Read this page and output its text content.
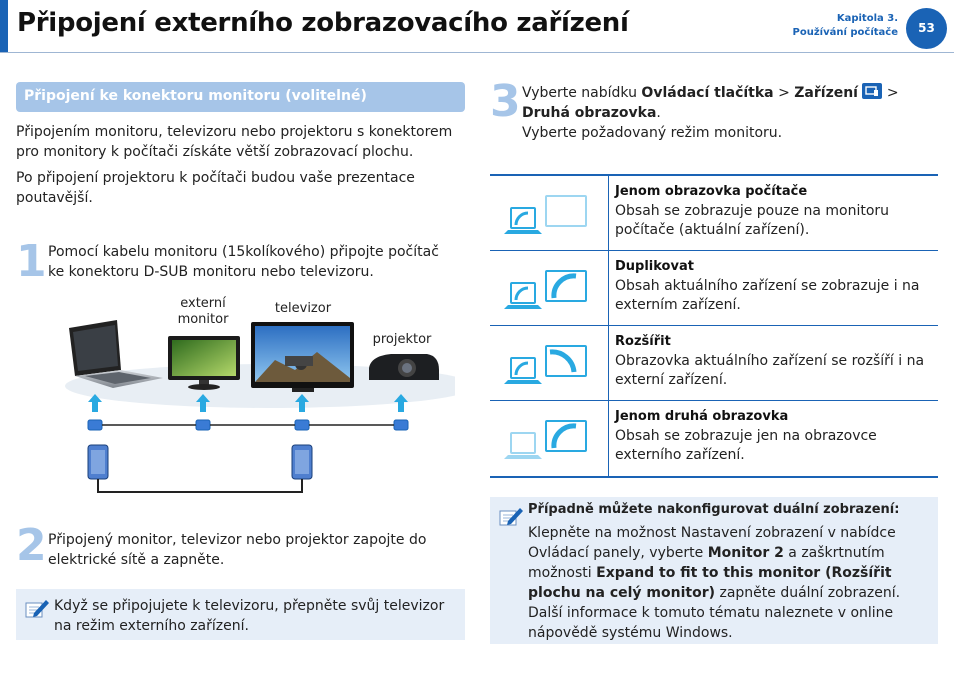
Připojení externího zobrazovacího zařízení	Kapitola 3.
Používání počítače	53
Připojení ke konektoru monitoru (volitelné)

Připojením monitoru, televizoru nebo projektoru s konektorem pro monitory k počítači získáte větší zobrazovací plochu.

Po připojení projektoru k počítači budou vaše prezentace poutavější.

1 Pomocí kabelu monitoru (15kolíkového) připojte počítač ke konektoru D-SUB monitoru nebo televizoru.

externí monitor
televizor
projektor
2 Připojený monitor, televizor nebo projektor zapojte do elektrické sítě a zapněte.

Když se připojujete k televizoru, přepněte svůj televizor na režim externího zařízení.

3 Vyberte nabídku Ovládací tlačítka > Zařízení  > Druhá obrazovka.
Vyberte požadovaný režim monitoru.

Jenom obrazovka počítače
Obsah se zobrazuje pouze na monitoru počítače (aktuální zařízení).
Duplikovat
Obsah aktuálního zařízení se zobrazuje i na externím zařízení.
Rozšířit
Obrazovka aktuálního zařízení se rozšíří i na externí zařízení.
Jenom druhá obrazovka
Obsah se zobrazuje jen na obrazovce externího zařízení.

Případně můžete nakonfigurovat duální zobrazení:

Klepněte na možnost Nastavení zobrazení v nabídce Ovládací panely, vyberte Monitor 2 a zaškrtnutím možnosti Expand to fit to this monitor (Rozšířit plochu na celý monitor) zapněte duální zobrazení.
Další informace k tomuto tématu naleznete v online nápovědě systému Windows.
